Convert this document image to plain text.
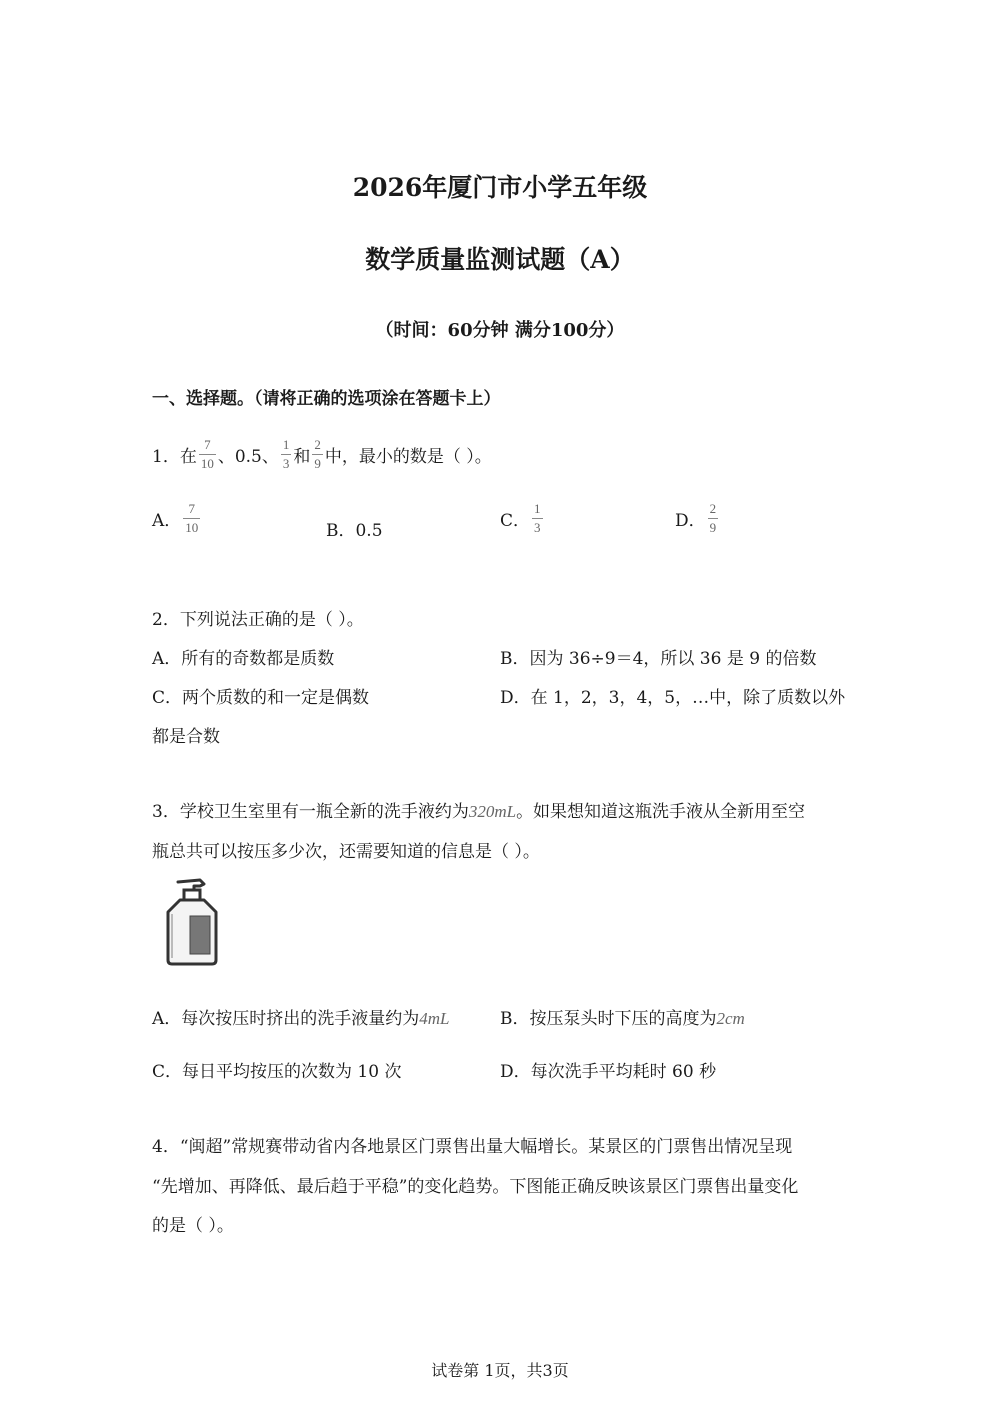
2026年厦门市小学五年级
数学质量监测试题（A）
（时间：60分钟 满分100分）
一、选择题。（请将正确的选项涂在答题卡上）
1．在 $\frac{7}{10}$ 、0.5、 $\frac{1}{3}$ 和 $\frac{2}{9}$ 中，最小的数是（ ）。
A． $\frac{7}{10}$	B．0.5	C． $\frac{1}{3}$	D． $\frac{2}{9}$
2．下列说法正确的是（ ）。
A．所有的奇数都是质数	B．因为 36÷9＝4，所以 36 是 9 的倍数
C．两个质数的和一定是偶数	D．在 1，2，3，4，5，…中，除了质数以外
都是合数
3．学校卫生室里有一瓶全新的洗手液约为320mL。如果想知道这瓶洗手液从全新用至空
瓶总共可以按压多少次，还需要知道的信息是（ ）。
A．每次按压时挤出的洗手液量约为4mL	B．按压泵头时下压的高度为2cm
C．每日平均按压的次数为 10 次	D．每次洗手平均耗时 60 秒
4．“闽超”常规赛带动省内各地景区门票售出量大幅增长。某景区的门票售出情况呈现
“先增加、再降低、最后趋于平稳”的变化趋势。下图能正确反映该景区门票售出量变化
的是（ ）。
试卷第 1页，共3页
